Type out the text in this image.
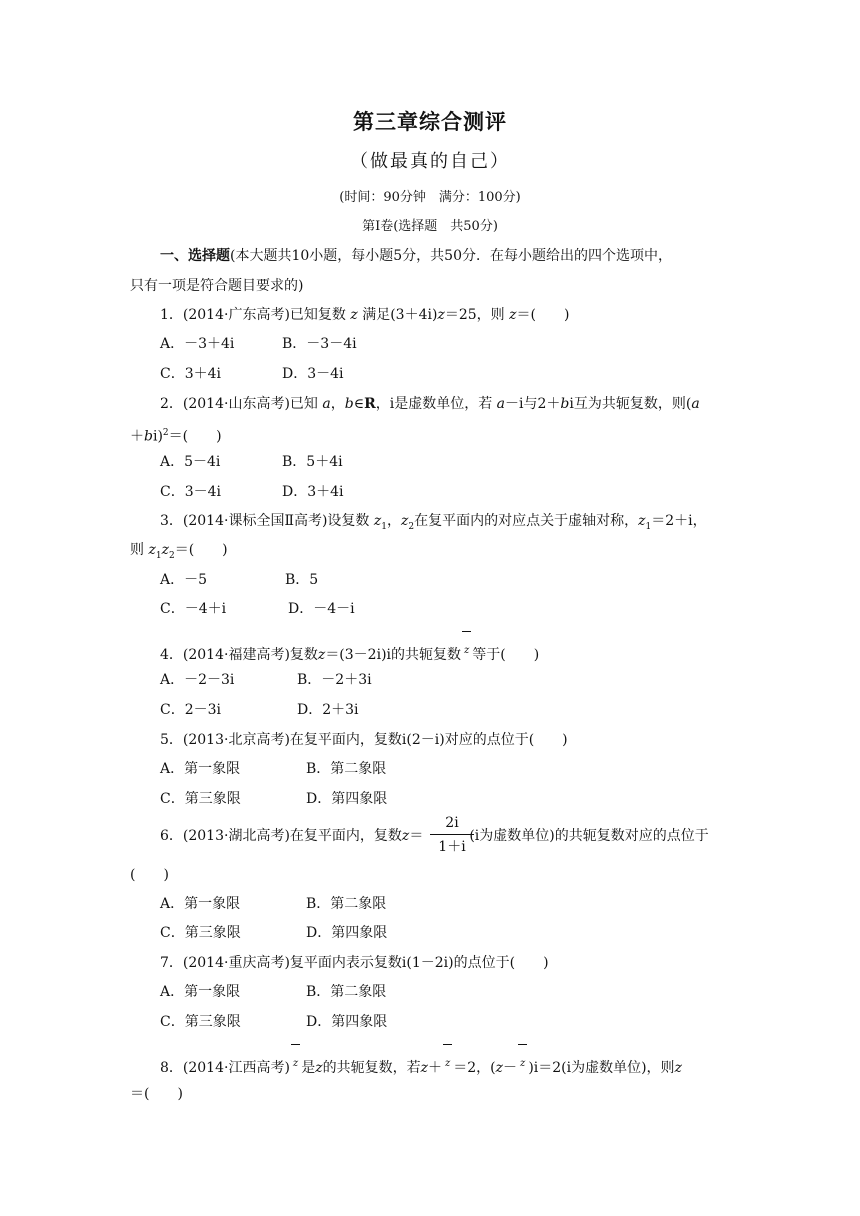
第三章综合测评
（做最真的自己）
(时间：90分钟　满分：100分)
第Ⅰ卷(选择题　共50分)
一、选择题(本大题共10小题，每小题5分，共50分．在每小题给出的四个选项中，
只有一项是符合题目要求的)
1．(2014·广东高考)已知复数 z 满足(3＋4i)z＝25，则 z＝(　　)
A．－3＋4i	B．－3－4i
C．3＋4i	D．3－4i
2．(2014·山东高考)已知 a，b∈R，i是虚数单位，若 a－i与2＋bi互为共轭复数，则(a
＋bi)$^2$＝(　　)
A．5－4i	B．5＋4i
C．3－4i	D．3＋4i
3．(2014·课标全国Ⅱ高考)设复数 $z_1$，$z_2$在复平面内的对应点关于虚轴对称，$z_1=2+i$，
则 $z_1z_2=$(　　)
A．－5	B．5
C．－4＋i	D．－4－i
4．(2014·福建高考)复数z＝(3－2i)i的共轭复数 z 等于(　　)
A．－2－3i	B．－2＋3i
C．2－3i	D．2＋3i
5．(2013·北京高考)在复平面内，复数i(2－i)对应的点位于(　　)
A．第一象限	B．第二象限
C．第三象限	D．第四象限
6．(2013·湖北高考)在复平面内，复数z＝	(i为虚数单位)的共轭复数对应的点位于
2i
1＋i
(　　)
A．第一象限	B．第二象限
C．第三象限	D．第四象限
7．(2014·重庆高考)复平面内表示复数i(1－2i)的点位于(　　)
A．第一象限	B．第二象限
C．第三象限	D．第四象限
8．(2014·江西高考) z 是z的共轭复数，若z＋ z ＝2，(z－ z )i＝2(i为虚数单位)，则z
＝(　　)
